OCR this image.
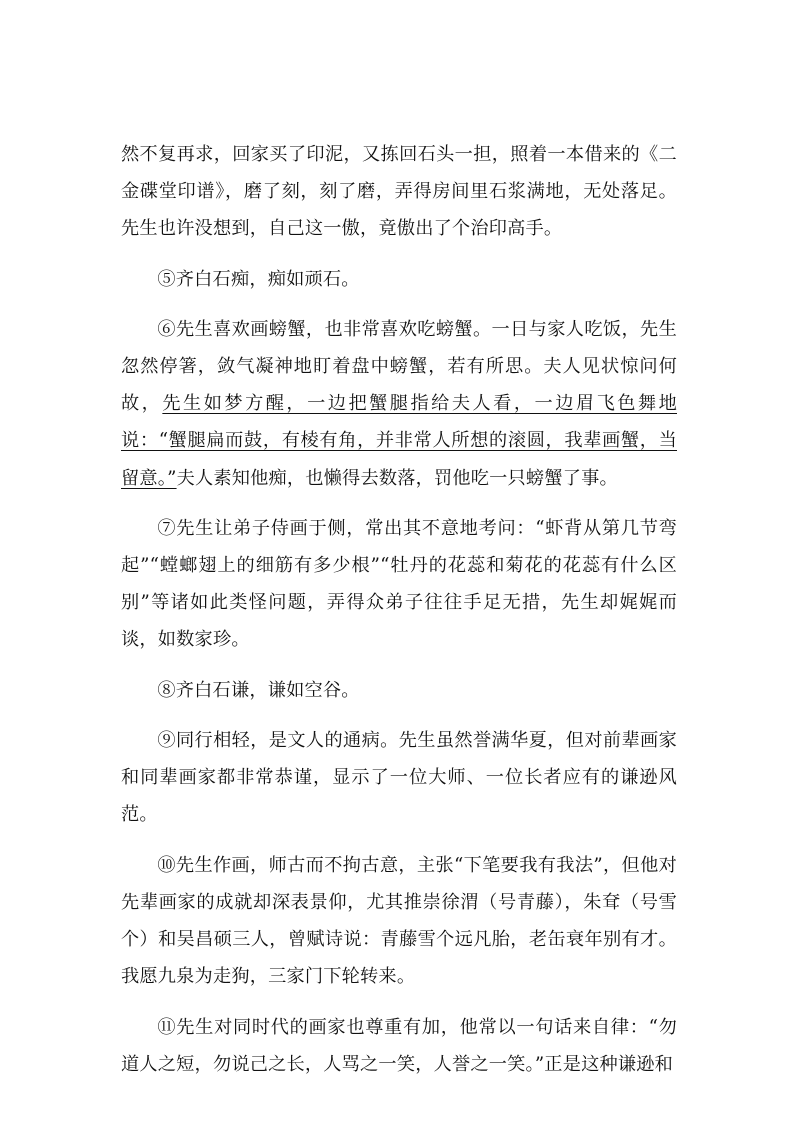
然不复再求，回家买了印泥，又拣回石头一担，照着一本借来的《二金碟堂印谱》，磨了刻，刻了磨，弄得房间里石浆满地，无处落足。先生也许没想到，自己这一傲，竟傲出了个治印高手。

⑤齐白石痴，痴如顽石。

⑥先生喜欢画螃蟹，也非常喜欢吃螃蟹。一日与家人吃饭，先生忽然停箸，敛气凝神地盯着盘中螃蟹，若有所思。夫人见状惊问何故，先生如梦方醒，一边把蟹腿指给夫人看，一边眉飞色舞地说：“蟹腿扁而鼓，有棱有角，并非常人所想的滚圆，我辈画蟹，当留意。”夫人素知他痴，也懒得去数落，罚他吃一只螃蟹了事。

⑦先生让弟子侍画于侧，常出其不意地考问：“虾背从第几节弯起”“螳螂翅上的细筋有多少根”“牡丹的花蕊和菊花的花蕊有什么区别”等诸如此类怪问题，弄得众弟子往往手足无措，先生却娓娓而谈，如数家珍。

⑧齐白石谦，谦如空谷。

⑨同行相轻，是文人的通病。先生虽然誉满华夏，但对前辈画家和同辈画家都非常恭谨，显示了一位大师、一位长者应有的谦逊风范。

⑩先生作画，师古而不拘古意，主张“下笔要我有我法”，但他对先辈画家的成就却深表景仰，尤其推崇徐渭（号青藤），朱耷（号雪个）和吴昌硕三人，曾赋诗说：青藤雪个远凡胎，老缶衰年别有才。我愿九泉为走狗，三家门下轮转来。

⑪先生对同时代的画家也尊重有加，他常以一句话来自律：“勿道人之短，勿说己之长，人骂之一笑，人誉之一笑。”正是这种谦逊和
